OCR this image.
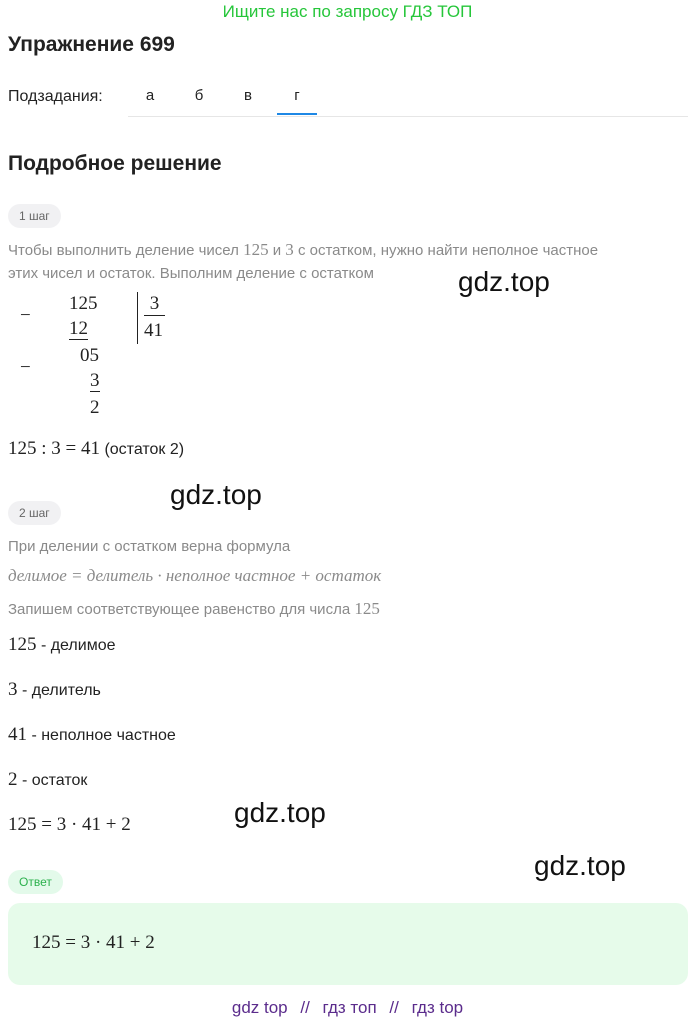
Ищите нас по запросу ГДЗ ТОП
Упражнение 699
Подзадания:	а	б	в	г
Подробное решение
1 шаг
Чтобы выполнить деление чисел 125 и 3 с остатком, нужно найти неполное частное
этих чисел и остаток. Выполним деление с остатком
−
125
12
−
05
3
2
3
41
125 : 3 = 41 (остаток 2)
2 шаг
При делении с остатком верна формула
делимое = делитель · неполное частное + остаток
Запишем соответствующее равенство для числа 125
125 - делимое
3 - делитель
41 - неполное частное
2 - остаток
125 = 3 · 41 + 2
Ответ
125 = 3 · 41 + 2
gdz.top
gdz.top
gdz.top
gdz.top
gdz top // гдз топ // гдз top
